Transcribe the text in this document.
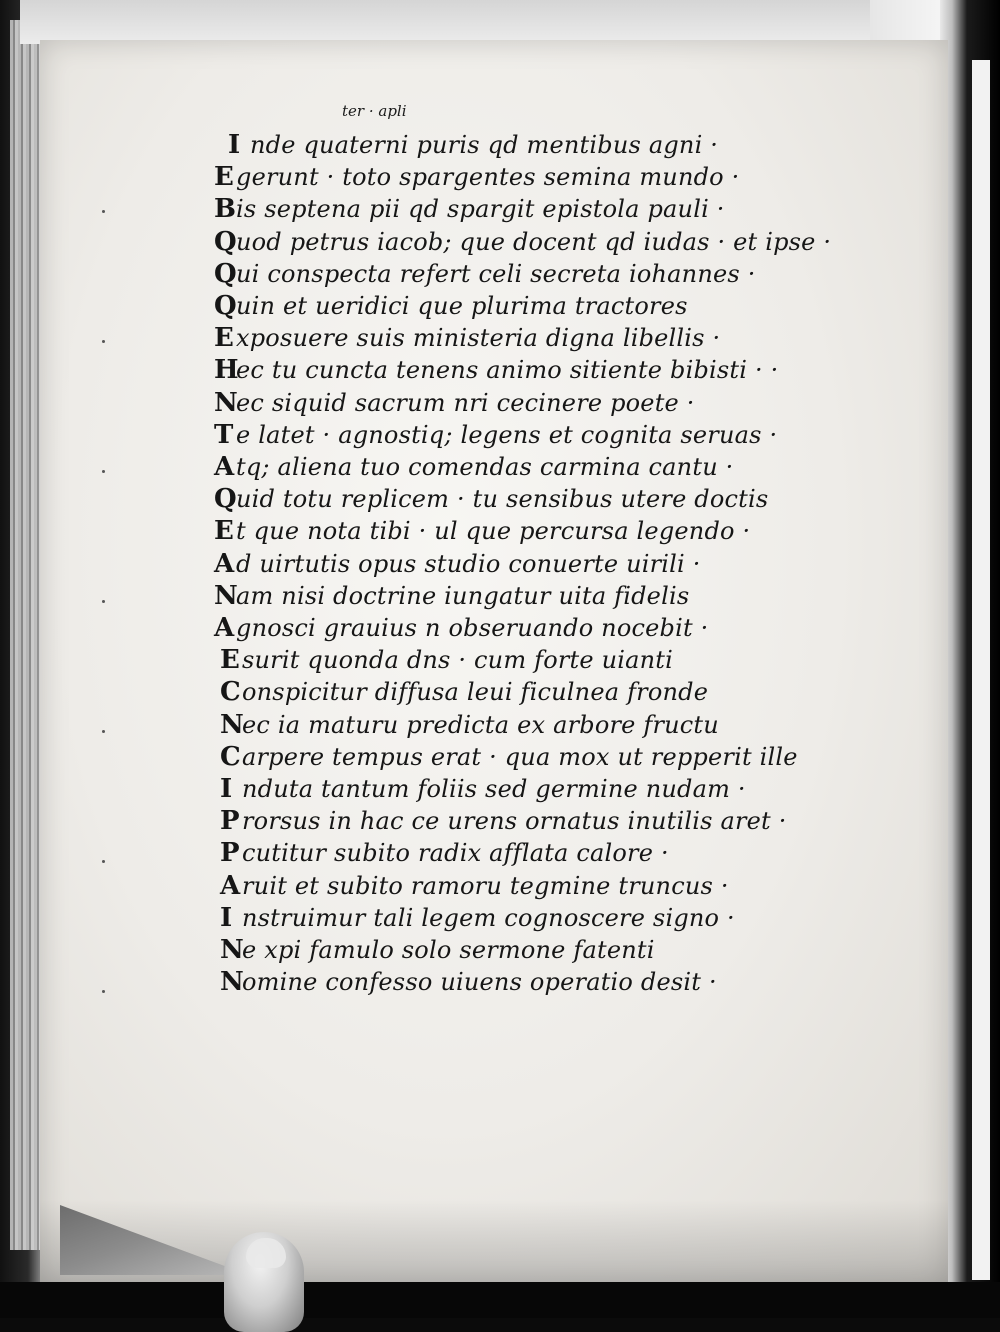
ter · apli
I nde quaterni puris qd mentibus agni ·
Egerunt · toto spargentes semina mundo ·
Bis septena pii qd spargit epistola pauli ·
Quod petrus iacob; que docent qd iudas · et ipse ·
Qui conspecta refert celi secreta iohannes ·
Quin et ueridici que plurima tractores
Exposuere suis ministeria digna libellis ·
Hec tu cuncta tenens animo sitiente bibisti · ·
Nec siquid sacrum nri cecinere poete ·
T e latet · agnostiq; legens et cognita seruas ·
Atq; aliena tuo comendas carmina cantu ·
Quid totu replicem · tu sensibus utere doctis
Et que nota tibi · ul que percursa legendo ·
Ad uirtutis opus studio conuerte uirili ·
Nam nisi doctrine iungatur uita fidelis
Agnosci grauius n obseruando nocebit ·
Esurit quonda dns · cum forte uianti
Conspicitur diffusa leui ficulnea fronde
Nec ia maturu predicta ex arbore fructu
Carpere tempus erat · qua mox ut repperit ille
I nduta tantum foliis sed germine nudam ·
Prorsus in hac ce urens ornatus inutilis aret ·
Pcutitur subito radix afflata calore ·
Aruit et subito ramoru tegmine truncus ·
I nstruimur tali legem cognoscere signo ·
Ne xpi famulo solo sermone fatenti
Nomine confesso uiuens operatio desit ·
